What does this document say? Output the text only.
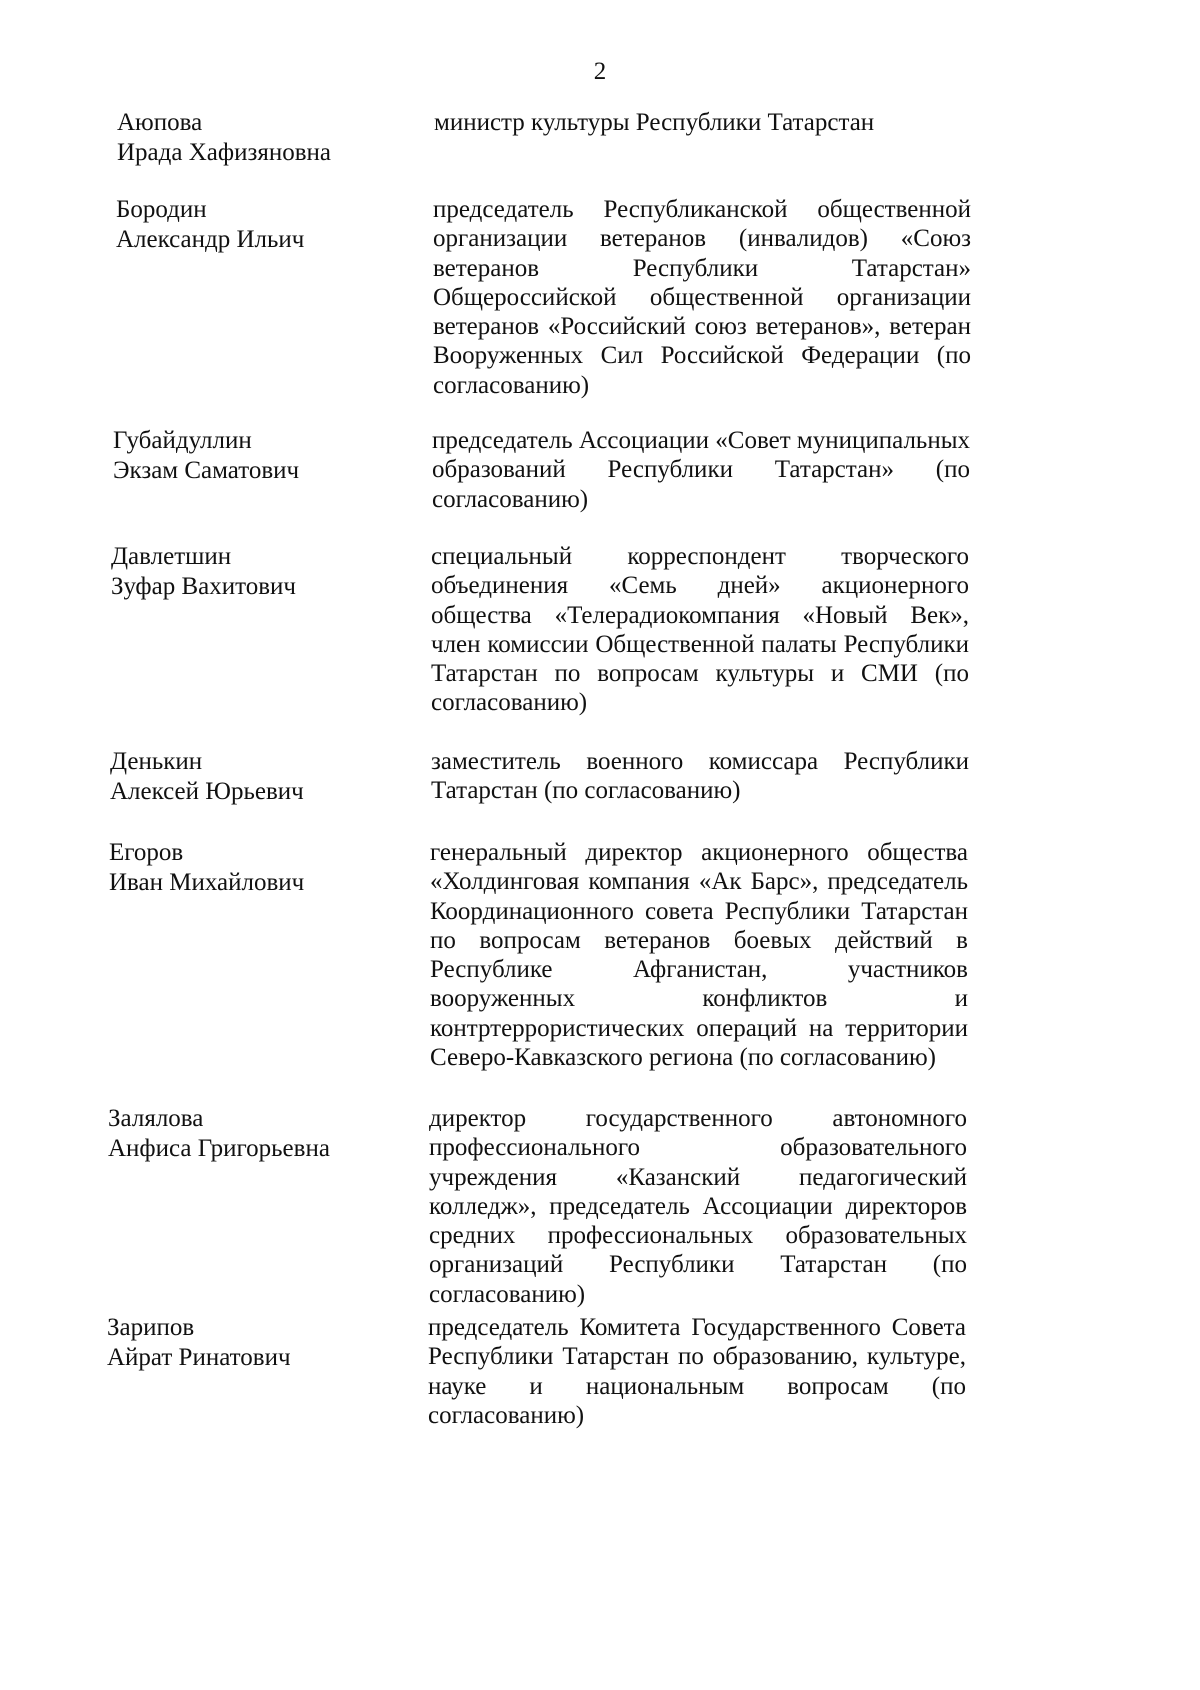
2
Аюпова
Ирада Хафизяновна
министр культуры Республики Татарстан
Бородин
Александр Ильич
председатель Республиканской общественной организации ветеранов (инвалидов) «Союз ветеранов Республики Татарстан» Общероссийской общественной организации ветеранов «Российский союз ветеранов», ветеран Вооруженных Сил Российской Федерации (по согласованию)
Губайдуллин
Экзам Саматович
председатель Ассоциации «Совет муниципальных образований Республики Татарстан» (по согласованию)
Давлетшин
Зуфар Вахитович
специальный корреспондент творческого объединения «Семь дней» акционерного общества «Телерадиокомпания «Новый Век», член комиссии Общественной палаты Республики Татарстан по вопросам культуры и СМИ (по согласованию)
Денькин
Алексей Юрьевич
заместитель военного комиссара Республики Татарстан (по согласованию)
Егоров
Иван Михайлович
генеральный директор акционерного общества «Холдинговая компания «Ак Барс», председатель Координационного совета Республики Татарстан по вопросам ветеранов боевых действий в Республике Афганистан, участников вооруженных конфликтов и контртеррористических операций на территории Северо-Кавказского региона (по согласованию)
Залялова
Анфиса Григорьевна
директор государственного автономного профессионального образовательного учреждения «Казанский педагогический колледж», председатель Ассоциации директоров средних профессиональных образовательных организаций Республики Татарстан (по согласованию)
Зарипов
Айрат Ринатович
председатель Комитета Государственного Совета Республики Татарстан по образованию, культуре, науке и национальным вопросам (по согласованию)
